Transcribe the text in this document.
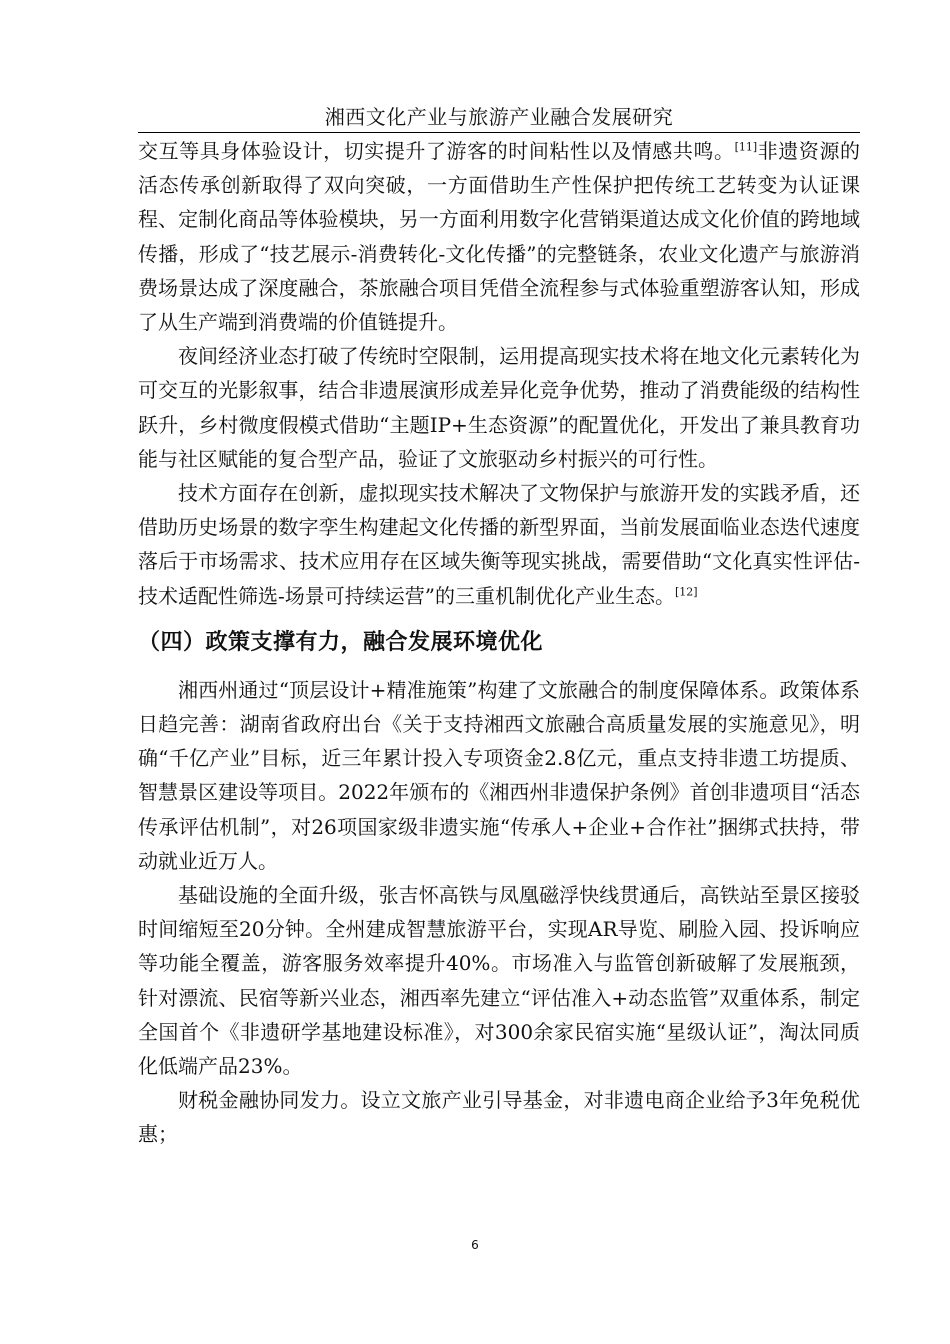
湘西文化产业与旅游产业融合发展研究

交互等具身体验设计，切实提升了游客的时间粘性以及情感共鸣。[11]非遗资源的活态传承创新取得了双向突破，一方面借助生产性保护把传统工艺转变为认证课程、定制化商品等体验模块，另一方面利用数字化营销渠道达成文化价值的跨地域传播，形成了“技艺展示-消费转化-文化传播”的完整链条，农业文化遗产与旅游消费场景达成了深度融合，茶旅融合项目凭借全流程参与式体验重塑游客认知，形成了从生产端到消费端的价值链提升。

夜间经济业态打破了传统时空限制，运用提高现实技术将在地文化元素转化为可交互的光影叙事，结合非遗展演形成差异化竞争优势，推动了消费能级的结构性跃升，乡村微度假模式借助“主题IP+生态资源”的配置优化，开发出了兼具教育功能与社区赋能的复合型产品，验证了文旅驱动乡村振兴的可行性。

技术方面存在创新，虚拟现实技术解决了文物保护与旅游开发的实践矛盾，还借助历史场景的数字孪生构建起文化传播的新型界面，当前发展面临业态迭代速度落后于市场需求、技术应用存在区域失衡等现实挑战，需要借助“文化真实性评估-技术适配性筛选-场景可持续运营”的三重机制优化产业生态。[12]

（四）政策支撑有力，融合发展环境优化

湘西州通过“顶层设计+精准施策”构建了文旅融合的制度保障体系。政策体系日趋完善：湖南省政府出台《关于支持湘西文旅融合高质量发展的实施意见》，明确“千亿产业”目标，近三年累计投入专项资金2.8亿元，重点支持非遗工坊提质、智慧景区建设等项目。2022年颁布的《湘西州非遗保护条例》首创非遗项目“活态传承评估机制”，对26项国家级非遗实施“传承人+企业+合作社”捆绑式扶持，带动就业近万人。

基础设施的全面升级，张吉怀高铁与凤凰磁浮快线贯通后，高铁站至景区接驳时间缩短至20分钟。全州建成智慧旅游平台，实现AR导览、刷脸入园、投诉响应等功能全覆盖，游客服务效率提升40%。市场准入与监管创新破解了发展瓶颈，针对漂流、民宿等新兴业态，湘西率先建立“评估准入+动态监管”双重体系，制定全国首个《非遗研学基地建设标准》，对300余家民宿实施“星级认证”，淘汰同质化低端产品23%。

财税金融协同发力。设立文旅产业引导基金，对非遗电商企业给予3年免税优惠；

6
